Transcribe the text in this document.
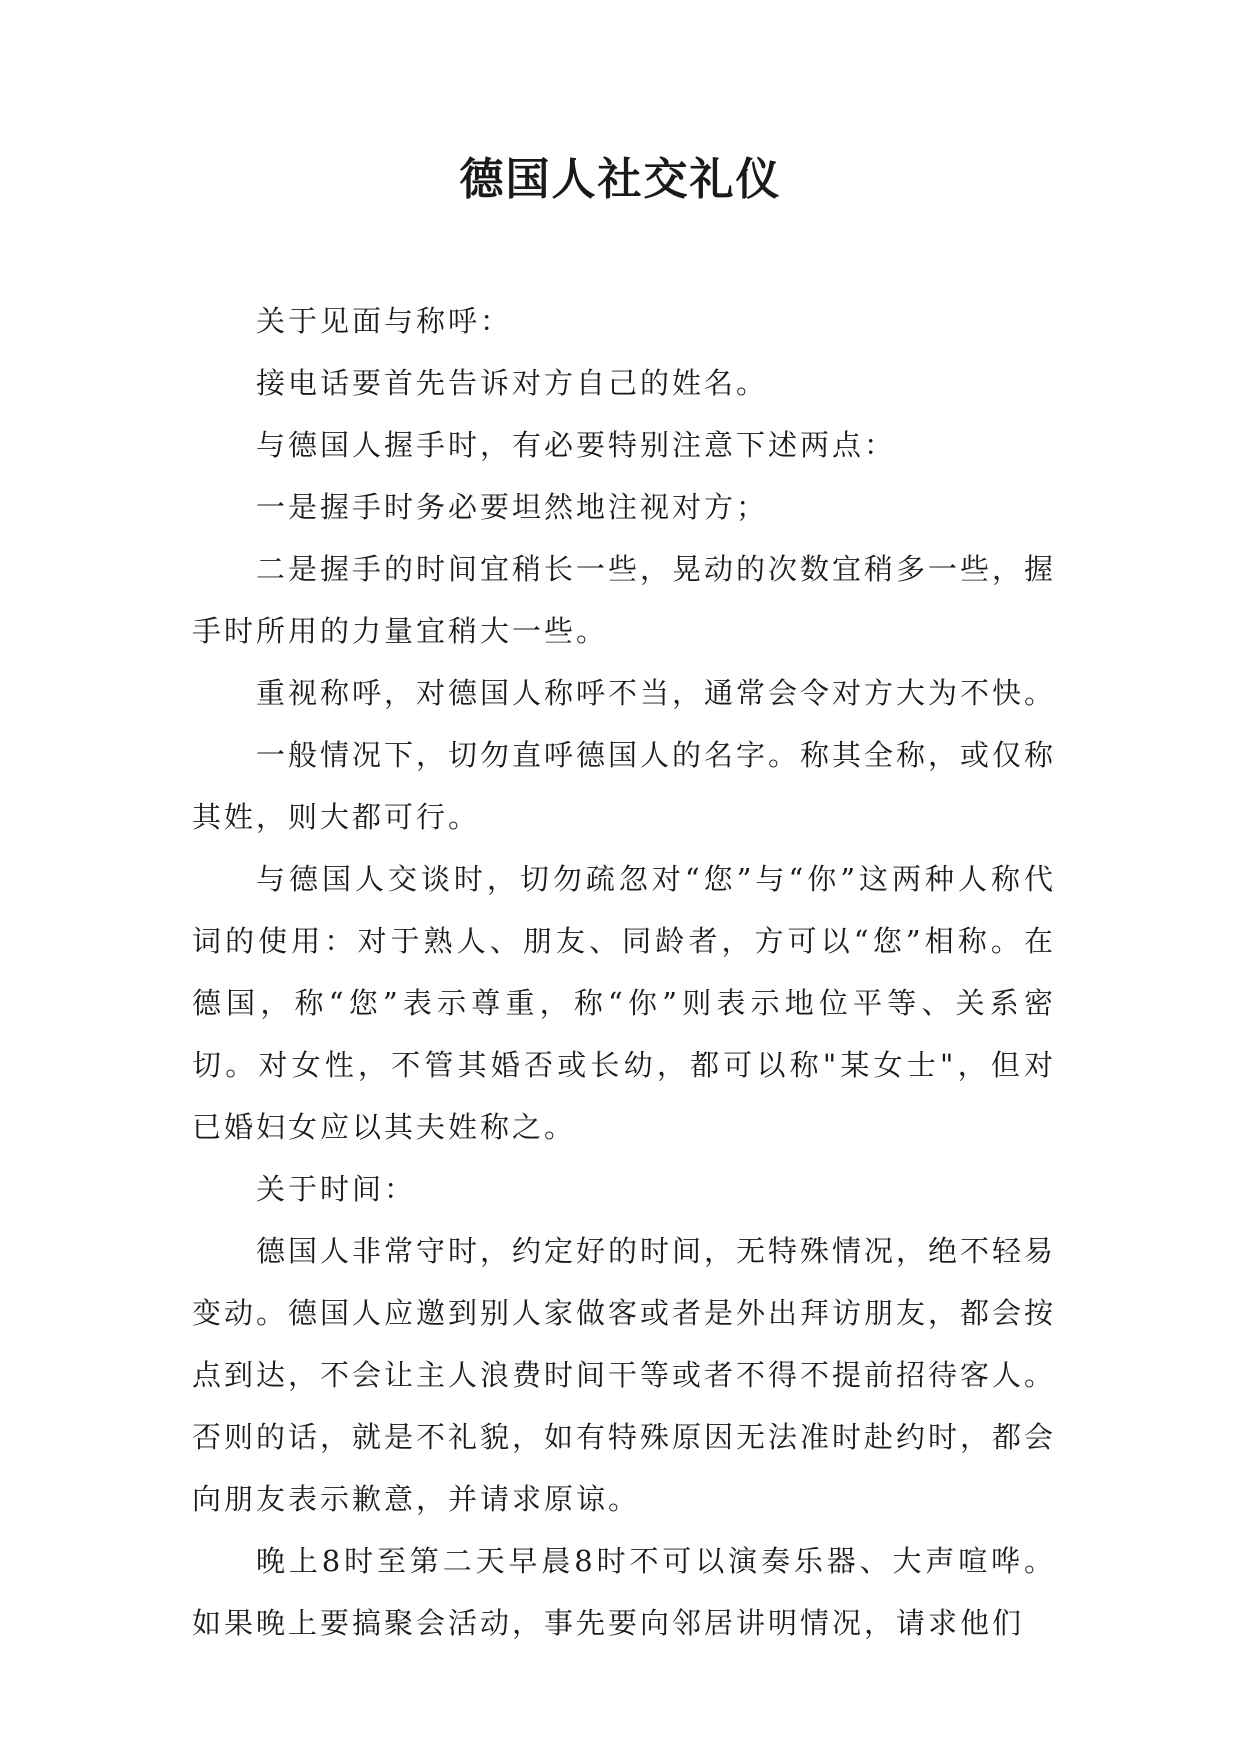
德国人社交礼仪

关于见面与称呼：

接电话要首先告诉对方自己的姓名。

与德国人握手时，有必要特别注意下述两点：

一是握手时务必要坦然地注视对方；

二是握手的时间宜稍长一些，晃动的次数宜稍多一些，握手时所用的力量宜稍大一些。

重视称呼，对德国人称呼不当，通常会令对方大为不快。

一般情况下，切勿直呼德国人的名字。称其全称，或仅称其姓，则大都可行。

与德国人交谈时，切勿疏忽对“您”与“你”这两种人称代词的使用：对于熟人、朋友、同龄者，方可以“您”相称。在德国，称“您”表示尊重，称“你”则表示地位平等、关系密切。对女性，不管其婚否或长幼，都可以称"某女士"，但对已婚妇女应以其夫姓称之。

关于时间：

德国人非常守时，约定好的时间，无特殊情况，绝不轻易变动。德国人应邀到别人家做客或者是外出拜访朋友，都会按点到达，不会让主人浪费时间干等或者不得不提前招待客人。否则的话，就是不礼貌，如有特殊原因无法准时赴约时，都会向朋友表示歉意，并请求原谅。

晚上8时至第二天早晨8时不可以演奏乐器、大声喧哗。如果晚上要搞聚会活动，事先要向邻居讲明情况，请求他们
